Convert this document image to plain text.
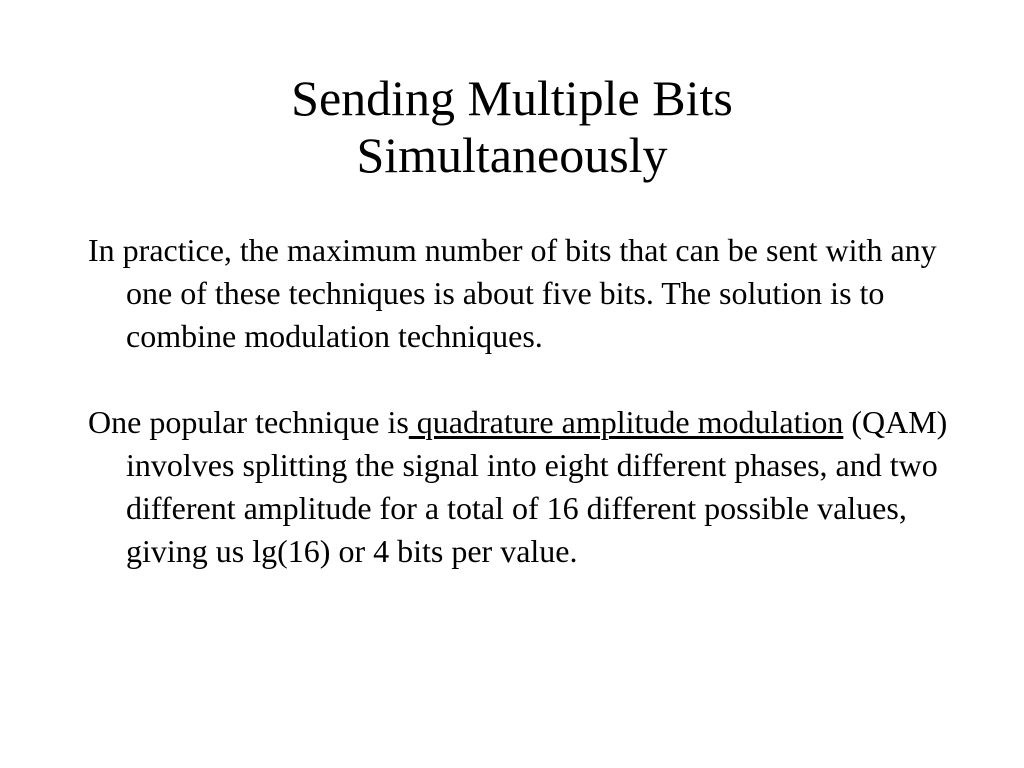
Sending Multiple Bits
Simultaneously

In practice, the maximum number of bits that can be sent with any one of these techniques is about five bits. The solution is to combine modulation techniques.

One popular technique is quadrature amplitude modulation (QAM) involves splitting the signal into eight different phases, and two different amplitude for a total of 16 different possible values, giving us lg(16) or 4 bits per value.
